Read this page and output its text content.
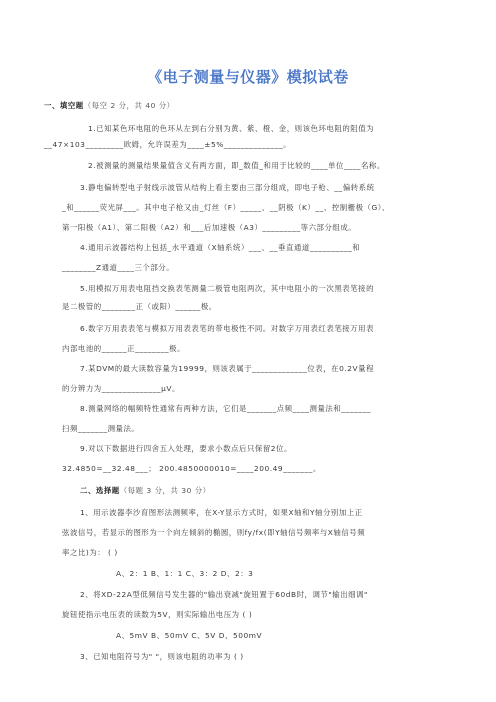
《电子测量与仪器》模拟试卷
一、填空题（每空 2 分，共 40 分）
1.已知某色环电阻的色环从左到右分别为黄、紫、橙、金，则该色环电阻的阻值为
__47×103_________欧姆，允许误差为____±5%______________。
2.被测量的测量结果量值含义有两方面，即_数值_和用于比较的____单位____名称。
3.静电偏转型电子射线示波管从结构上看主要由三部分组成，即电子枪、__偏转系统
_和______荧光屏___。其中电子枪又由_灯丝（F）_____、__阴极（K）__、控制栅极（G）、
第一阳极（A1）、第二阳极（A2）和___后加速极（A3）_________等六部分组成。
4.通用示波器结构上包括_水平通道（X轴系统）___、__垂直通道__________和
________Z通道____三个部分。
5.用模拟万用表电阻挡交换表笔测量二极管电阻两次，其中电阻小的一次黑表笔接的
是二极管的________正（或阳）______极。
6.数字万用表表笔与模拟万用表表笔的带电极性不同。对数字万用表红表笔接万用表
内部电池的______正________极。
7.某DVM的最大读数容量为19999，则该表属于_____________位表，在0.2V量程
的分辨力为______________μV。
8.测量网络的幅频特性通常有两种方法，它们是_______点频____测量法和_______
扫频_______测量法。
9.对以下数据进行四舍五入处理，要求小数点后只保留2位。
32.4850=__32.48___； 200.4850000010=____200.49_______。
二、选择题（每题 3 分，共 30 分）
1、用示波器李沙育图形法测频率，在X-Y显示方式时，如果X轴和Y轴分别加上正
弦波信号，若显示的图形为一个向左倾斜的椭圆，则fy/fx(即Y轴信号频率与X轴信号频
率之比)为： ( )
A、2：1 B、1：1 C、3：2 D、2：3
2、将XD-22A型低频信号发生器的"输出衰减"旋钮置于60dB时，调节"输出细调"
旋钮使指示电压表的读数为5V，则实际输出电压为 ( )
A、5mV B、50mV C、5V D、500mV
3、已知电阻符号为" "，则该电阻的功率为 ( )
